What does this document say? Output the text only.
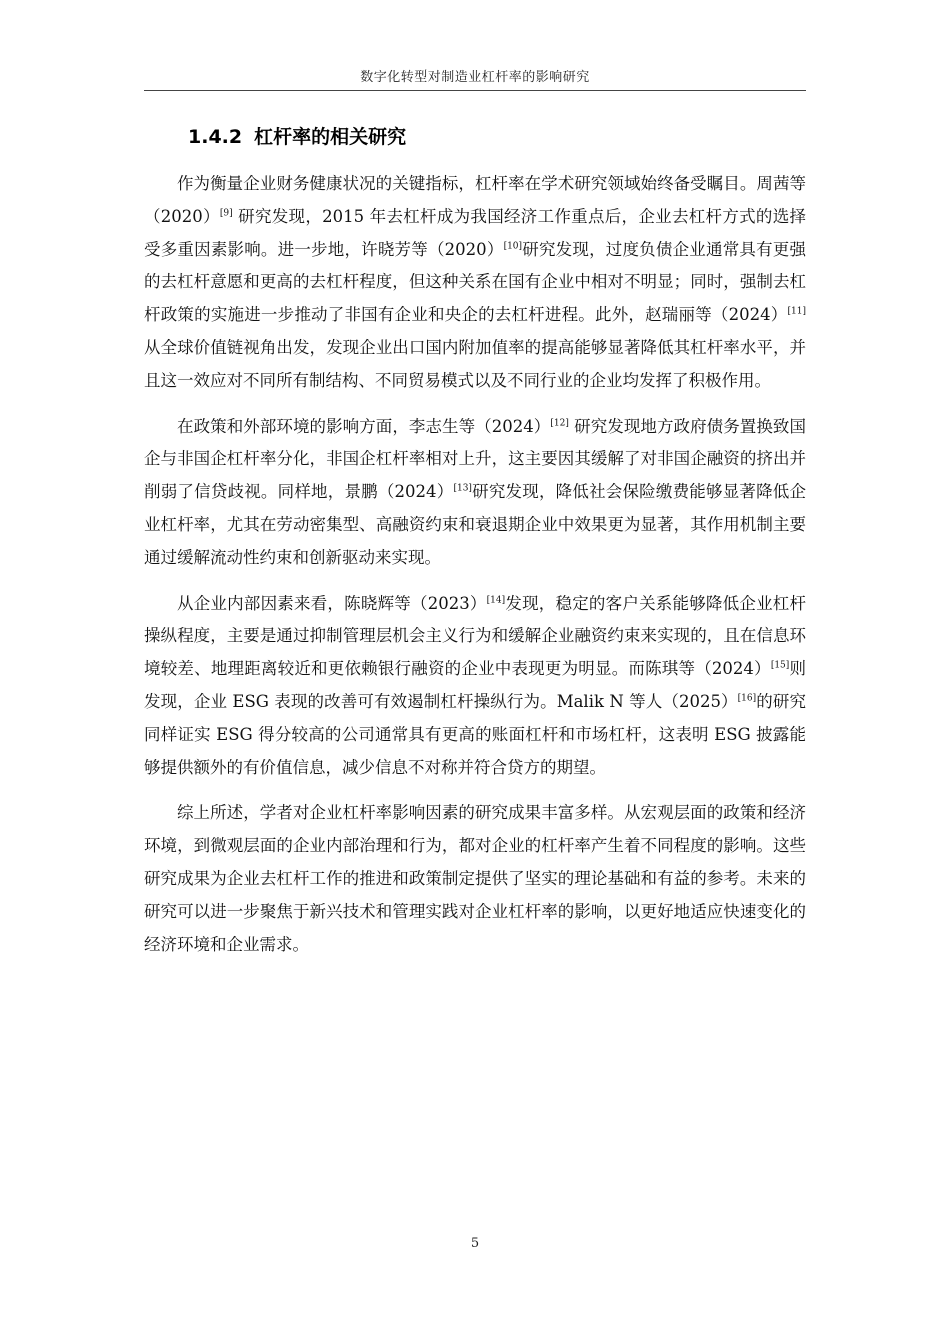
数字化转型对制造业杠杆率的影响研究
1.4.2 杠杆率的相关研究

作为衡量企业财务健康状况的关键指标，杠杆率在学术研究领域始终备受瞩目。周茜等（2020）[9] 研究发现，2015 年去杠杆成为我国经济工作重点后，企业去杠杆方式的选择受多重因素影响。进一步地，许晓芳等（2020）[10]研究发现，过度负债企业通常具有更强的去杠杆意愿和更高的去杠杆程度，但这种关系在国有企业中相对不明显；同时，强制去杠杆政策的实施进一步推动了非国有企业和央企的去杠杆进程。此外，赵瑞丽等（2024）[11]从全球价值链视角出发，发现企业出口国内附加值率的提高能够显著降低其杠杆率水平，并且这一效应对不同所有制结构、不同贸易模式以及不同行业的企业均发挥了积极作用。

在政策和外部环境的影响方面，李志生等（2024）[12] 研究发现地方政府债务置换致国企与非国企杠杆率分化，非国企杠杆率相对上升，这主要因其缓解了对非国企融资的挤出并削弱了信贷歧视。同样地，景鹏（2024）[13]研究发现，降低社会保险缴费能够显著降低企业杠杆率，尤其在劳动密集型、高融资约束和衰退期企业中效果更为显著，其作用机制主要通过缓解流动性约束和创新驱动来实现。

从企业内部因素来看，陈晓辉等（2023）[14]发现，稳定的客户关系能够降低企业杠杆操纵程度，主要是通过抑制管理层机会主义行为和缓解企业融资约束来实现的，且在信息环境较差、地理距离较近和更依赖银行融资的企业中表现更为明显。而陈琪等（2024）[15]则发现，企业 ESG 表现的改善可有效遏制杠杆操纵行为。Malik N 等人（2025）[16]的研究同样证实 ESG 得分较高的公司通常具有更高的账面杠杆和市场杠杆，这表明 ESG 披露能够提供额外的有价值信息，减少信息不对称并符合贷方的期望。

综上所述，学者对企业杠杆率影响因素的研究成果丰富多样。从宏观层面的政策和经济环境，到微观层面的企业内部治理和行为，都对企业的杠杆率产生着不同程度的影响。这些研究成果为企业去杠杆工作的推进和政策制定提供了坚实的理论基础和有益的参考。未来的研究可以进一步聚焦于新兴技术和管理实践对企业杠杆率的影响，以更好地适应快速变化的经济环境和企业需求。

5
